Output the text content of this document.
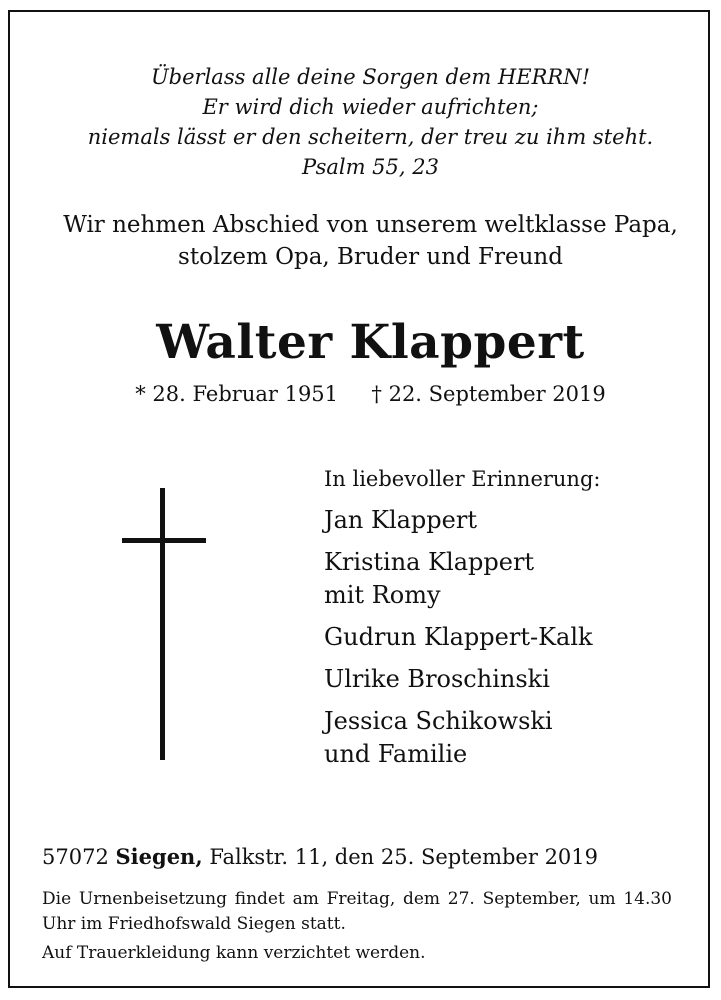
Überlass alle deine Sorgen dem HERRN!
Er wird dich wieder aufrichten;
niemals lässt er den scheitern, der treu zu ihm steht.
Psalm 55, 23
Wir nehmen Abschied von unserem weltklasse Papa,
stolzem Opa, Bruder und Freund
Walter Klappert
* 28. Februar 1951     † 22. September 2019
In liebevoller Erinnerung:
Jan Klappert
Kristina Klappert
mit Romy
Gudrun Klappert-Kalk
Ulrike Broschinski
Jessica Schikowski
und Familie
57072 Siegen, Falkstr. 11, den 25. September 2019
Die Urnenbeisetzung findet am Freitag, dem 27. September, um 14.30 Uhr im Friedhofswald Siegen statt.
Auf Trauerkleidung kann verzichtet werden.
